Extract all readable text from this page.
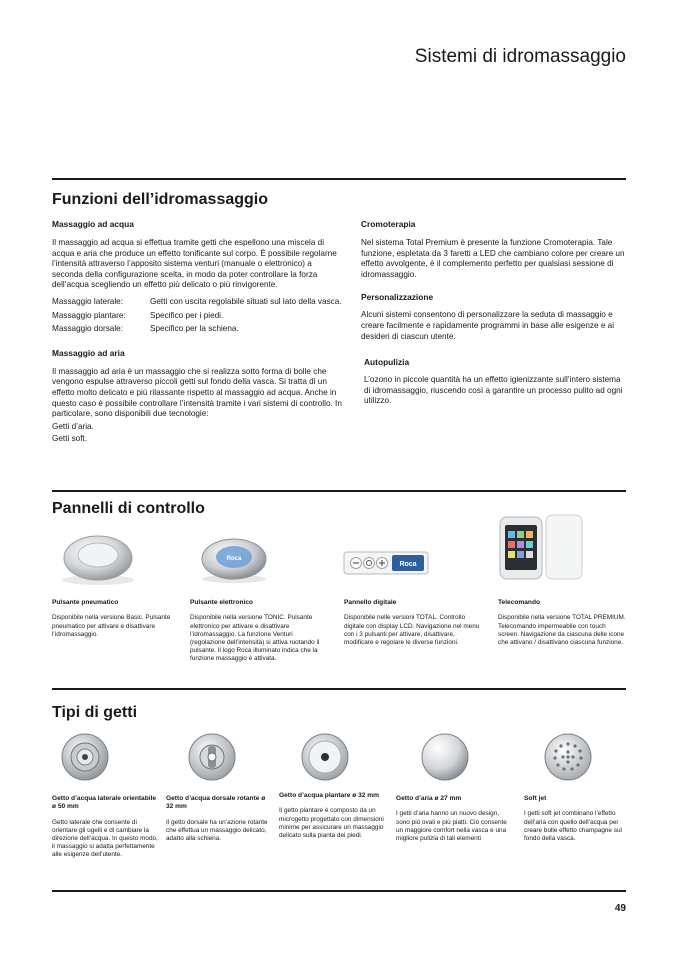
Sistemi di idromassaggio
Funzioni dell’idromassaggio
Massaggio ad acqua

Il massaggio ad acqua si effettua tramite getti che espellono una miscela di acqua e aria che produce un effetto tonificante sul corpo. È possibile regolarne l’intensità attraverso l’apposito sistema venturi (manuale o elettronico) a seconda della configurazione scelta, in modo da poter controllare la forza dell’acqua scegliendo un effetto più delicato o più rinvigorente.

Massaggio laterale:	Getti con uscita regolabile situati sul lato della vasca.
Massaggio plantare:	Specifico per i piedi.
Massaggio dorsale:	Specifico per la schiena.
Massaggio ad aria

Il massaggio ad aria è un massaggio che si realizza sotto forma di bolle che vengono espulse attraverso piccoli getti sul fondo della vasca. Si tratta di un effetto molto delicato e più rilassante rispetto al massaggio ad acqua. Anche in questo caso è possibile controllare l’intensità tramite i vari sistemi di controllo. In particolare, sono disponibili due tecnologie:

Getti d’aria.

Getti soft.

Cromoterapia

Nel sistema Total Premium è presente la funzione Cromoterapia. Tale funzione, espletata da 3 faretti a LED che cambiano colore per creare un effetto avvolgente, è il complemento perfetto per qualsiasi sessione di idromassaggio.

Personalizzazione

Alcuni sistemi consentono di personalizzare la seduta di massaggio e creare facilmente e rapidamente programmi in base alle esigenze e ai desideri di ciascun utente.

Autopulizia

L’ozono in piccole quantità ha un effetto igienizzante sull’intero sistema di idromassaggio, riuscendo così a garantire un processo pulito ad ogni utilizzo.

Pannelli di controllo
Roca
Roca
Pulsante pneumatico

Disponibile nella versione Basic. Pulsante pneumatico per attivare e disattivare l’idromassaggio.

Pulsante elettronico

Disponibile nella versione TONIC. Pulsante elettronico per attivare e disattivare l’idromassaggio. La funzione Venturi (regolazione dell’intensità) si attiva ruotando il pulsante. Il logo Roca illuminato indica che la funzione massaggio è attivata.

Pannello digitale

Disponibile nelle versioni TOTAL. Controllo digitale con display LCD. Navigazione nel menu con i 3 pulsanti per attivare, disattivare, modificare e regolare le diverse funzioni.

Telecomando

Disponibile nella versione TOTAL PREMIUM. Telecomando impermeabile con touch screen. Navigazione da ciascuna delle icone che attivano / disattivano ciascuna funzione.

Tipi di getti
Getto d’acqua laterale orientabile ø 50 mm

Getto laterale che consente di orientare gli ugelli e di cambiare la direzione dell’acqua. In questo modo, il massaggio si adatta perfettamente alle esigenze dell’utente.

Getto d’acqua dorsale rotante ø 32 mm

Il getto dorsale ha un’azione rotante che effettua un massaggio delicato, adatto alla schiena.

Getto d’acqua plantare ø 32 mm

Il getto plantare è composto da un microgetto progettato con dimensioni minime per assicurare un massaggio delicato sulla pianta dei piedi.

Getto d’aria ø 27 mm

I getti d’aria hanno un nuovo design, sono più ovali e più piatti. Ciò consente un maggiore comfort nella vasca e una migliore pulizia di tali elementi

Soft jet

I getti soft jet combinano l’effetto dell’aria con quello dell’acqua per creare bolle effetto champagne sul fondo della vasca.

49
